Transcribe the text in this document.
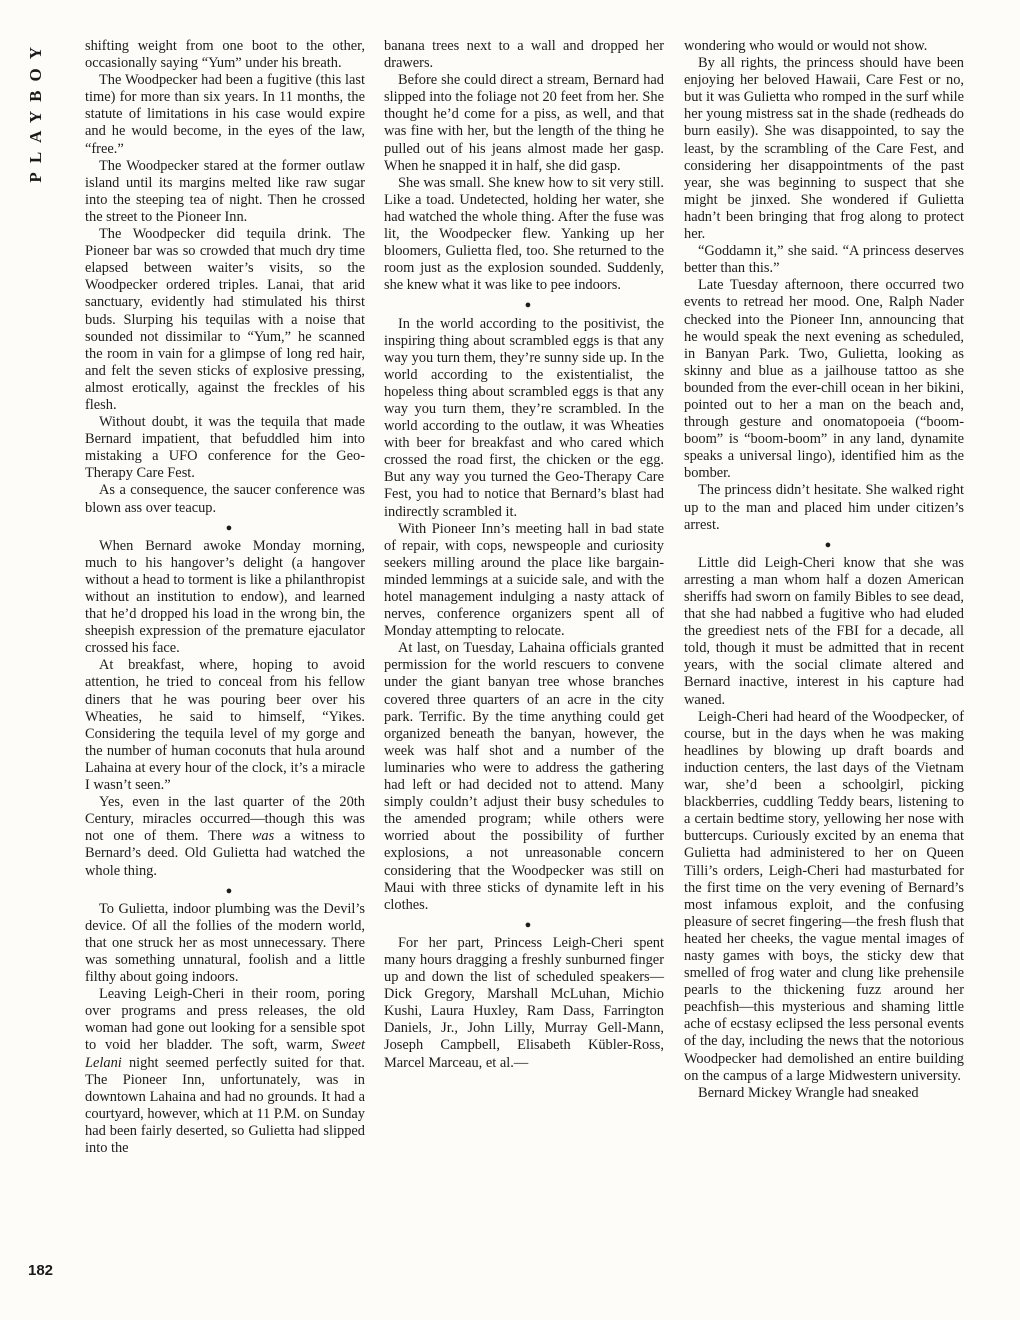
PLAYBOY	shifting weight from one boot to the other, occasionally saying “Yum” under his breath.

The Woodpecker had been a fugitive (this last time) for more than six years. In 11 months, the statute of limitations in his case would expire and he would become, in the eyes of the law, “free.”

The Woodpecker stared at the former outlaw island until its margins melted like raw sugar into the steeping tea of night. Then he crossed the street to the Pioneer Inn.

The Woodpecker did tequila drink. The Pioneer bar was so crowded that much dry time elapsed between waiter’s visits, so the Woodpecker ordered triples. Lanai, that arid sanctuary, evidently had stimulated his thirst buds. Slurping his tequilas with a noise that sounded not dissimilar to “Yum,” he scanned the room in vain for a glimpse of long red hair, and felt the seven sticks of explosive pressing, almost erotically, against the freckles of his flesh.

Without doubt, it was the tequila that made Bernard impatient, that befuddled him into mistaking a UFO conference for the Geo-Therapy Care Fest.

As a consequence, the saucer conference was blown ass over teacup.

●

When Bernard awoke Monday morning, much to his hangover’s delight (a hangover without a head to torment is like a philanthropist without an institution to endow), and learned that he’d dropped his load in the wrong bin, the sheepish expression of the premature ejaculator crossed his face.

At breakfast, where, hoping to avoid attention, he tried to conceal from his fellow diners that he was pouring beer over his Wheaties, he said to himself, “Yikes. Considering the tequila level of my gorge and the number of human coconuts that hula around Lahaina at every hour of the clock, it’s a miracle I wasn’t seen.”

Yes, even in the last quarter of the 20th Century, miracles occurred—though this was not one of them. There was a witness to Bernard’s deed. Old Gulietta had watched the whole thing.

●

To Gulietta, indoor plumbing was the Devil’s device. Of all the follies of the modern world, that one struck her as most unnecessary. There was something unnatural, foolish and a little filthy about going indoors.

Leaving Leigh-Cheri in their room, poring over programs and press releases, the old woman had gone out looking for a sensible spot to void her bladder. The soft, warm, Sweet Lelani night seemed perfectly suited for that. The Pioneer Inn, unfortunately, was in downtown Lahaina and had no grounds. It had a courtyard, however, which at 11 P.M. on Sunday had been fairly deserted, so Gulietta had slipped into the

banana trees next to a wall and dropped her drawers.

Before she could direct a stream, Bernard had slipped into the foliage not 20 feet from her. She thought he’d come for a piss, as well, and that was fine with her, but the length of the thing he pulled out of his jeans almost made her gasp. When he snapped it in half, she did gasp.

She was small. She knew how to sit very still. Like a toad. Undetected, holding her water, she had watched the whole thing. After the fuse was lit, the Woodpecker flew. Yanking up her bloomers, Gulietta fled, too. She returned to the room just as the explosion sounded. Suddenly, she knew what it was like to pee indoors.

●

In the world according to the positivist, the inspiring thing about scrambled eggs is that any way you turn them, they’re sunny side up. In the world according to the existentialist, the hopeless thing about scrambled eggs is that any way you turn them, they’re scrambled. In the world according to the outlaw, it was Wheaties with beer for breakfast and who cared which crossed the road first, the chicken or the egg. But any way you turned the Geo-Therapy Care Fest, you had to notice that Bernard’s blast had indirectly scrambled it.

With Pioneer Inn’s meeting hall in bad state of repair, with cops, newspeople and curiosity seekers milling around the place like bargain-minded lemmings at a suicide sale, and with the hotel management indulging a nasty attack of nerves, conference organizers spent all of Monday attempting to relocate.

At last, on Tuesday, Lahaina officials granted permission for the world rescuers to convene under the giant banyan tree whose branches covered three quarters of an acre in the city park. Terrific. By the time anything could get organized beneath the banyan, however, the week was half shot and a number of the luminaries who were to address the gathering had left or had decided not to attend. Many simply couldn’t adjust their busy schedules to the amended program; while others were worried about the possibility of further explosions, a not unreasonable concern considering that the Woodpecker was still on Maui with three sticks of dynamite left in his clothes.

●

For her part, Princess Leigh-Cheri spent many hours dragging a freshly sunburned finger up and down the list of scheduled speakers—Dick Gregory, Marshall McLuhan, Michio Kushi, Laura Huxley, Ram Dass, Farrington Daniels, Jr., John Lilly, Murray Gell-Mann, Joseph Campbell, Elisabeth Kübler-Ross, Marcel Marceau, et al.—

wondering who would or would not show.

By all rights, the princess should have been enjoying her beloved Hawaii, Care Fest or no, but it was Gulietta who romped in the surf while her young mistress sat in the shade (redheads do burn easily). She was disappointed, to say the least, by the scrambling of the Care Fest, and considering her disappointments of the past year, she was beginning to suspect that she might be jinxed. She wondered if Gulietta hadn’t been bringing that frog along to protect her.

“Goddamn it,” she said. “A princess deserves better than this.”

Late Tuesday afternoon, there occurred two events to retread her mood. One, Ralph Nader checked into the Pioneer Inn, announcing that he would speak the next evening as scheduled, in Banyan Park. Two, Gulietta, looking as skinny and blue as a jailhouse tattoo as she bounded from the ever-chill ocean in her bikini, pointed out to her a man on the beach and, through gesture and onomatopoeia (“boom-boom” is “boom-boom” in any land, dynamite speaks a universal lingo), identified him as the bomber.

The princess didn’t hesitate. She walked right up to the man and placed him under citizen’s arrest.

●

Little did Leigh-Cheri know that she was arresting a man whom half a dozen American sheriffs had sworn on family Bibles to see dead, that she had nabbed a fugitive who had eluded the greediest nets of the FBI for a decade, all told, though it must be admitted that in recent years, with the social climate altered and Bernard inactive, interest in his capture had waned.

Leigh-Cheri had heard of the Woodpecker, of course, but in the days when he was making headlines by blowing up draft boards and induction centers, the last days of the Vietnam war, she’d been a schoolgirl, picking blackberries, cuddling Teddy bears, listening to a certain bedtime story, yellowing her nose with buttercups. Curiously excited by an enema that Gulietta had administered to her on Queen Tilli’s orders, Leigh-Cheri had masturbated for the first time on the very evening of Bernard’s most infamous exploit, and the confusing pleasure of secret fingering—the fresh flush that heated her cheeks, the vague mental images of nasty games with boys, the sticky dew that smelled of frog water and clung like prehensile pearls to the thickening fuzz around her peachfish—this mysterious and shaming little ache of ecstasy eclipsed the less personal events of the day, including the news that the notorious Woodpecker had demolished an entire building on the campus of a large Midwestern university.

Bernard Mickey Wrangle had sneaked

182
